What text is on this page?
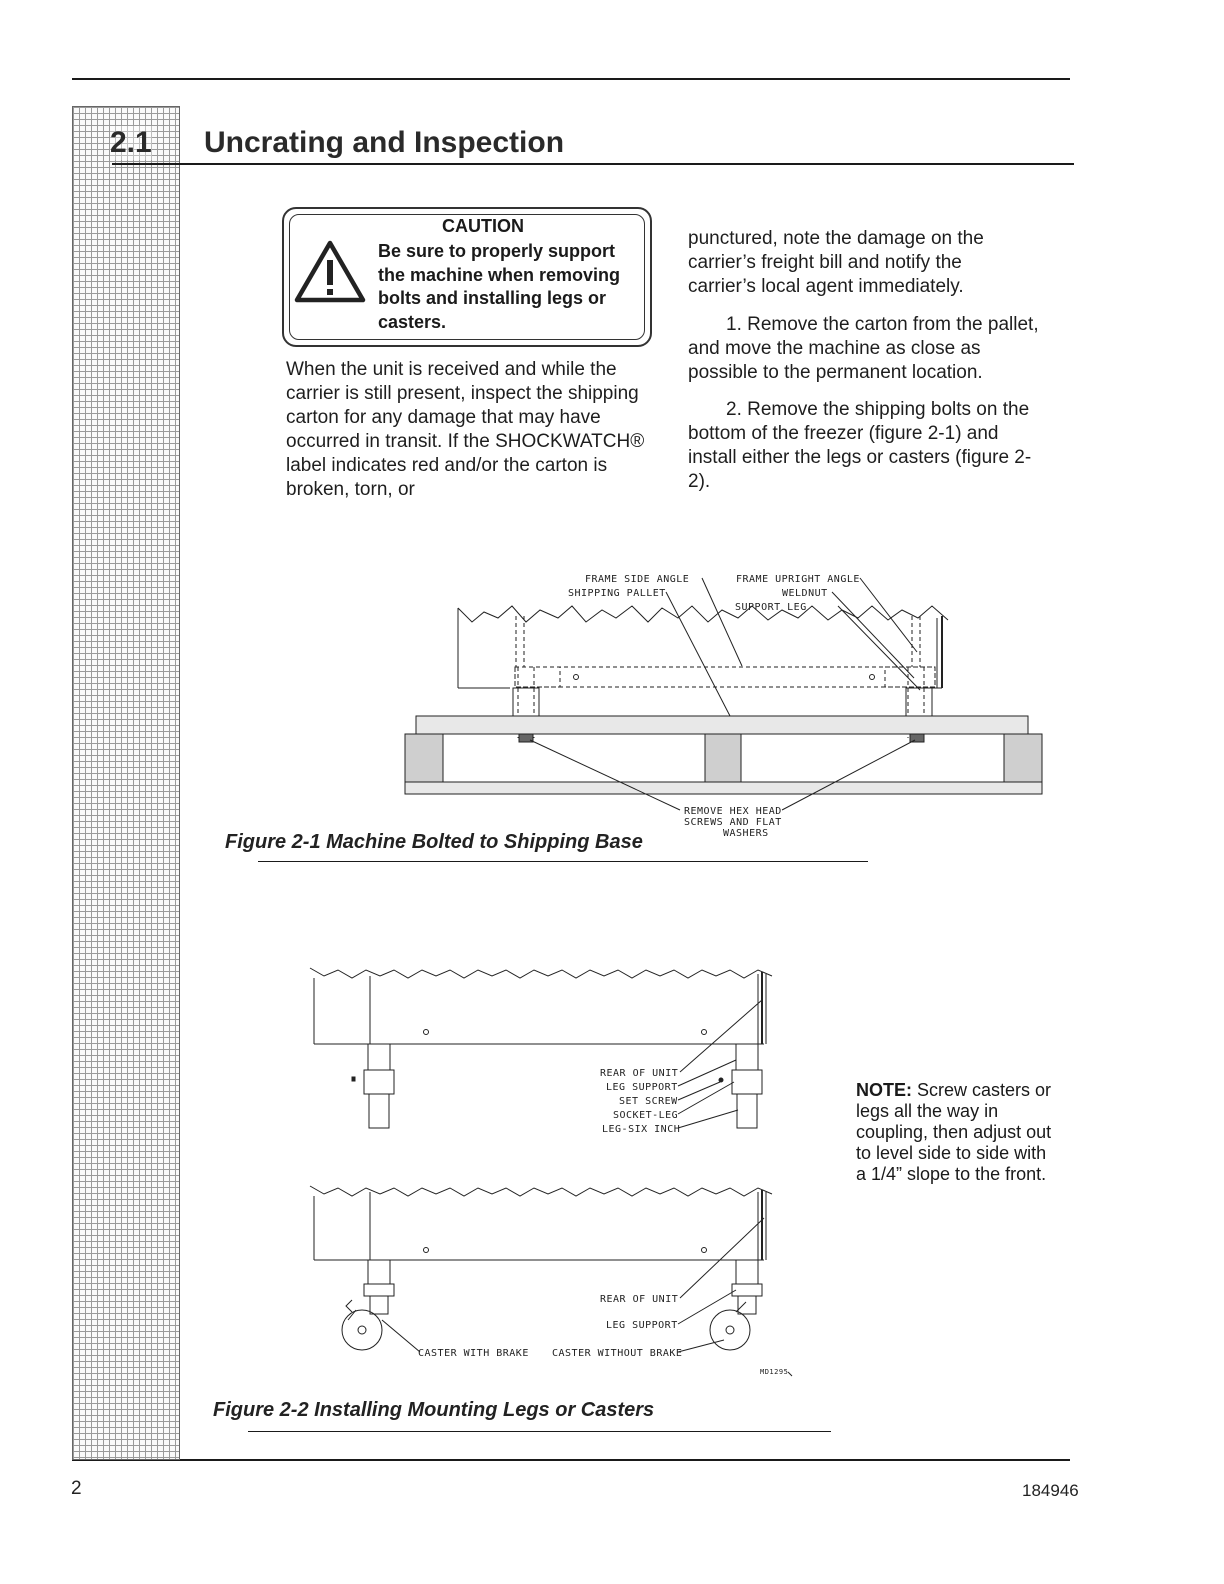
2.1 Uncrating and Inspection
CAUTION
Be sure to properly support the machine when removing bolts and installing legs or casters.
When the unit is received and while the carrier is still present, inspect the shipping carton for any damage that may have occurred in transit. If the SHOCKWATCH® label indicates red and/or the carton is broken, torn, or
punctured, note the damage on the carrier’s freight bill and notify the carrier’s local agent immediately.
1. Remove the carton from the pallet, and move the machine as close as possible to the permanent location.
2. Remove the shipping bolts on the bottom of the freezer (figure 2-1) and install either the legs or casters (figure 2-2).
FRAME SIDE ANGLE
SHIPPING PALLET
FRAME UPRIGHT ANGLE
WELDNUT
SUPPORT LEG
REMOVE HEX HEAD
SCREWS AND FLAT
WASHERS
Figure 2-1 Machine Bolted to Shipping Base
REAR OF UNIT
LEG SUPPORT
SET SCREW
SOCKET-LEG
LEG-SIX INCH
REAR OF UNIT
LEG SUPPORT
CASTER WITH BRAKE CASTER WITHOUT BRAKE
MD1295
NOTE: Screw casters or legs all the way in coupling, then adjust out to level side to side with a 1/4” slope to the front.
Figure 2-2 Installing Mounting Legs or Casters
2	184946
